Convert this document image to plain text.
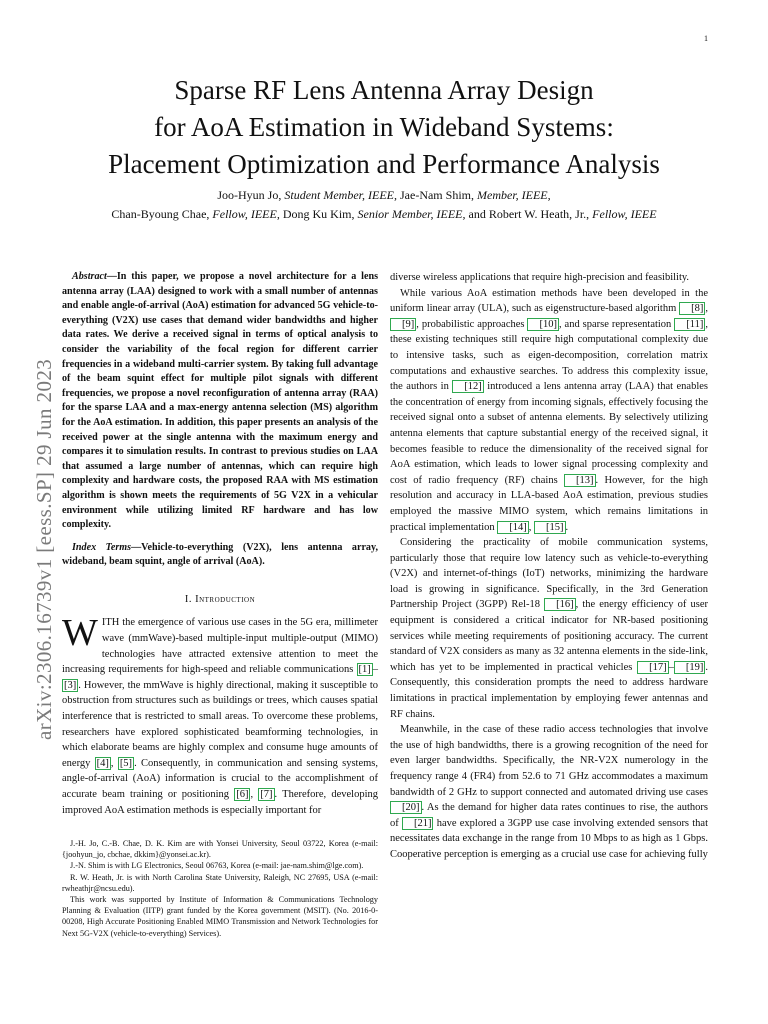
1
Sparse RF Lens Antenna Array Design
for AoA Estimation in Wideband Systems:
Placement Optimization and Performance Analysis
Joo-Hyun Jo, Student Member, IEEE, Jae-Nam Shim, Member, IEEE,
Chan-Byoung Chae, Fellow, IEEE, Dong Ku Kim, Senior Member, IEEE, and Robert W. Heath, Jr., Fellow, IEEE
arXiv:2306.16739v1 [eess.SP] 29 Jun 2023

Abstract—In this paper, we propose a novel architecture for a lens antenna array (LAA) designed to work with a small number of antennas and enable angle-of-arrival (AoA) estimation for advanced 5G vehicle-to-everything (V2X) use cases that demand wider bandwidths and higher data rates. We derive a received signal in terms of optical analysis to consider the variability of the focal region for different carrier frequencies in a wideband multi-carrier system. By taking full advantage of the beam squint effect for multiple pilot signals with different frequencies, we propose a novel reconfiguration of antenna array (RAA) for the sparse LAA and a max-energy antenna selection (MS) algorithm for the AoA estimation. In addition, this paper presents an analysis of the received power at the single antenna with the maximum energy and compares it to simulation results. In contrast to previous studies on LAA that assumed a large number of antennas, which can require high complexity and hardware costs, the proposed RAA with MS estimation algorithm is shown meets the requirements of 5G V2X in a vehicular environment while utilizing limited RF hardware and has low complexity.

Index Terms—Vehicle-to-everything (V2X), lens antenna array, wideband, beam squint, angle of arrival (AoA).

I. Introduction

WITH the emergence of various use cases in the 5G era, millimeter wave (mmWave)-based multiple-input multiple-output (MIMO) technologies have attracted extensive attention to meet the increasing requirements for high-speed and reliable communications [1] –[3] . However, the mmWave is highly directional, making it susceptible to obstruction from structures such as buildings or trees, which causes spatial interference that is restricted to small areas. To overcome these problems, researchers have explored sophisticated beamforming technologies, in which elaborate beams are highly complex and consume huge amounts of energy [4] , [5] . Consequently, in communication and sensing systems, angle-of-arrival (AoA) information is crucial to the accomplishment of accurate beam training or positioning [6] , [7] . Therefore, developing improved AoA estimation methods is especially important for

J.-H. Jo, C.-B. Chae, D. K. Kim are with Yonsei University, Seoul 03722, Korea (e-mail: {joohyun_jo, cbchae, dkkim}@yonsei.ac.kr).

J.-N. Shim is with LG Electronics, Seoul 06763, Korea (e-mail: jae-nam.shim@lge.com).

R. W. Heath, Jr. is with North Carolina State University, Raleigh, NC 27695, USA (e-mail: rwheathjr@ncsu.edu).

This work was supported by Institute of Information & Communications Technology Planning & Evaluation (IITP) grant funded by the Korea government (MSIT). (No. 2016-0-00208, High Accurate Positioning Enabled MIMO Transmission and Network Technologies for Next 5G-V2X (vehicle-to-everything) Services).

diverse wireless applications that require high-precision and feasibility.

While various AoA estimation methods have been developed in the uniform linear array (ULA), such as eigenstructure-based algorithm [8] , [9] , probabilistic approaches [10] , and sparse representation [11] , these existing techniques still require high computational complexity due to intensive tasks, such as eigen-decomposition, correlation matrix computations and exhaustive searches. To address this complexity issue, the authors in [12] introduced a lens antenna array (LAA) that enables the concentration of energy from incoming signals, effectively focusing the received signal onto a subset of antenna elements. By selectively utilizing antenna elements that capture substantial energy of the received signal, it becomes feasible to reduce the dimensionality of the received signal for AoA estimation, which leads to lower signal processing complexity and cost of radio frequency (RF) chains [13] . However, for the high resolution and accuracy in LLA-based AoA estimation, previous studies employed the massive MIMO system, which remains limitations in practical implementation [14] , [15] .

Considering the practicality of mobile communication systems, particularly those that require low latency such as vehicle-to-everything (V2X) and internet-of-things (IoT) networks, minimizing the hardware load is growing in significance. Specifically, in the 3rd Generation Partnership Project (3GPP) Rel-18 [16] , the energy efficiency of user equipment is considered a critical indicator for NR-based positioning services while meeting requirements of positioning accuracy. The current standard of V2X considers as many as 32 antenna elements in the side-link, which has yet to be implemented in practical vehicles [17] – [19] . Consequently, this consideration prompts the need to address hardware limitations in practical implementation by employing fewer antennas and RF chains.

Meanwhile, in the case of these radio access technologies that involve the use of high bandwidths, there is a growing recognition of the need for even larger bandwidths. Specifically, the NR-V2X numerology in the frequency range 4 (FR4) from 52.6 to 71 GHz accommodates a maximum bandwidth of 2 GHz to support connected and automated driving use cases [20] . As the demand for higher data rates continues to rise, the authors of [21] have explored a 3GPP use case involving extended sensors that necessitates data exchange in the range from 10 Mbps to as high as 1 Gbps. Cooperative perception is emerging as a crucial use case for achieving fully
